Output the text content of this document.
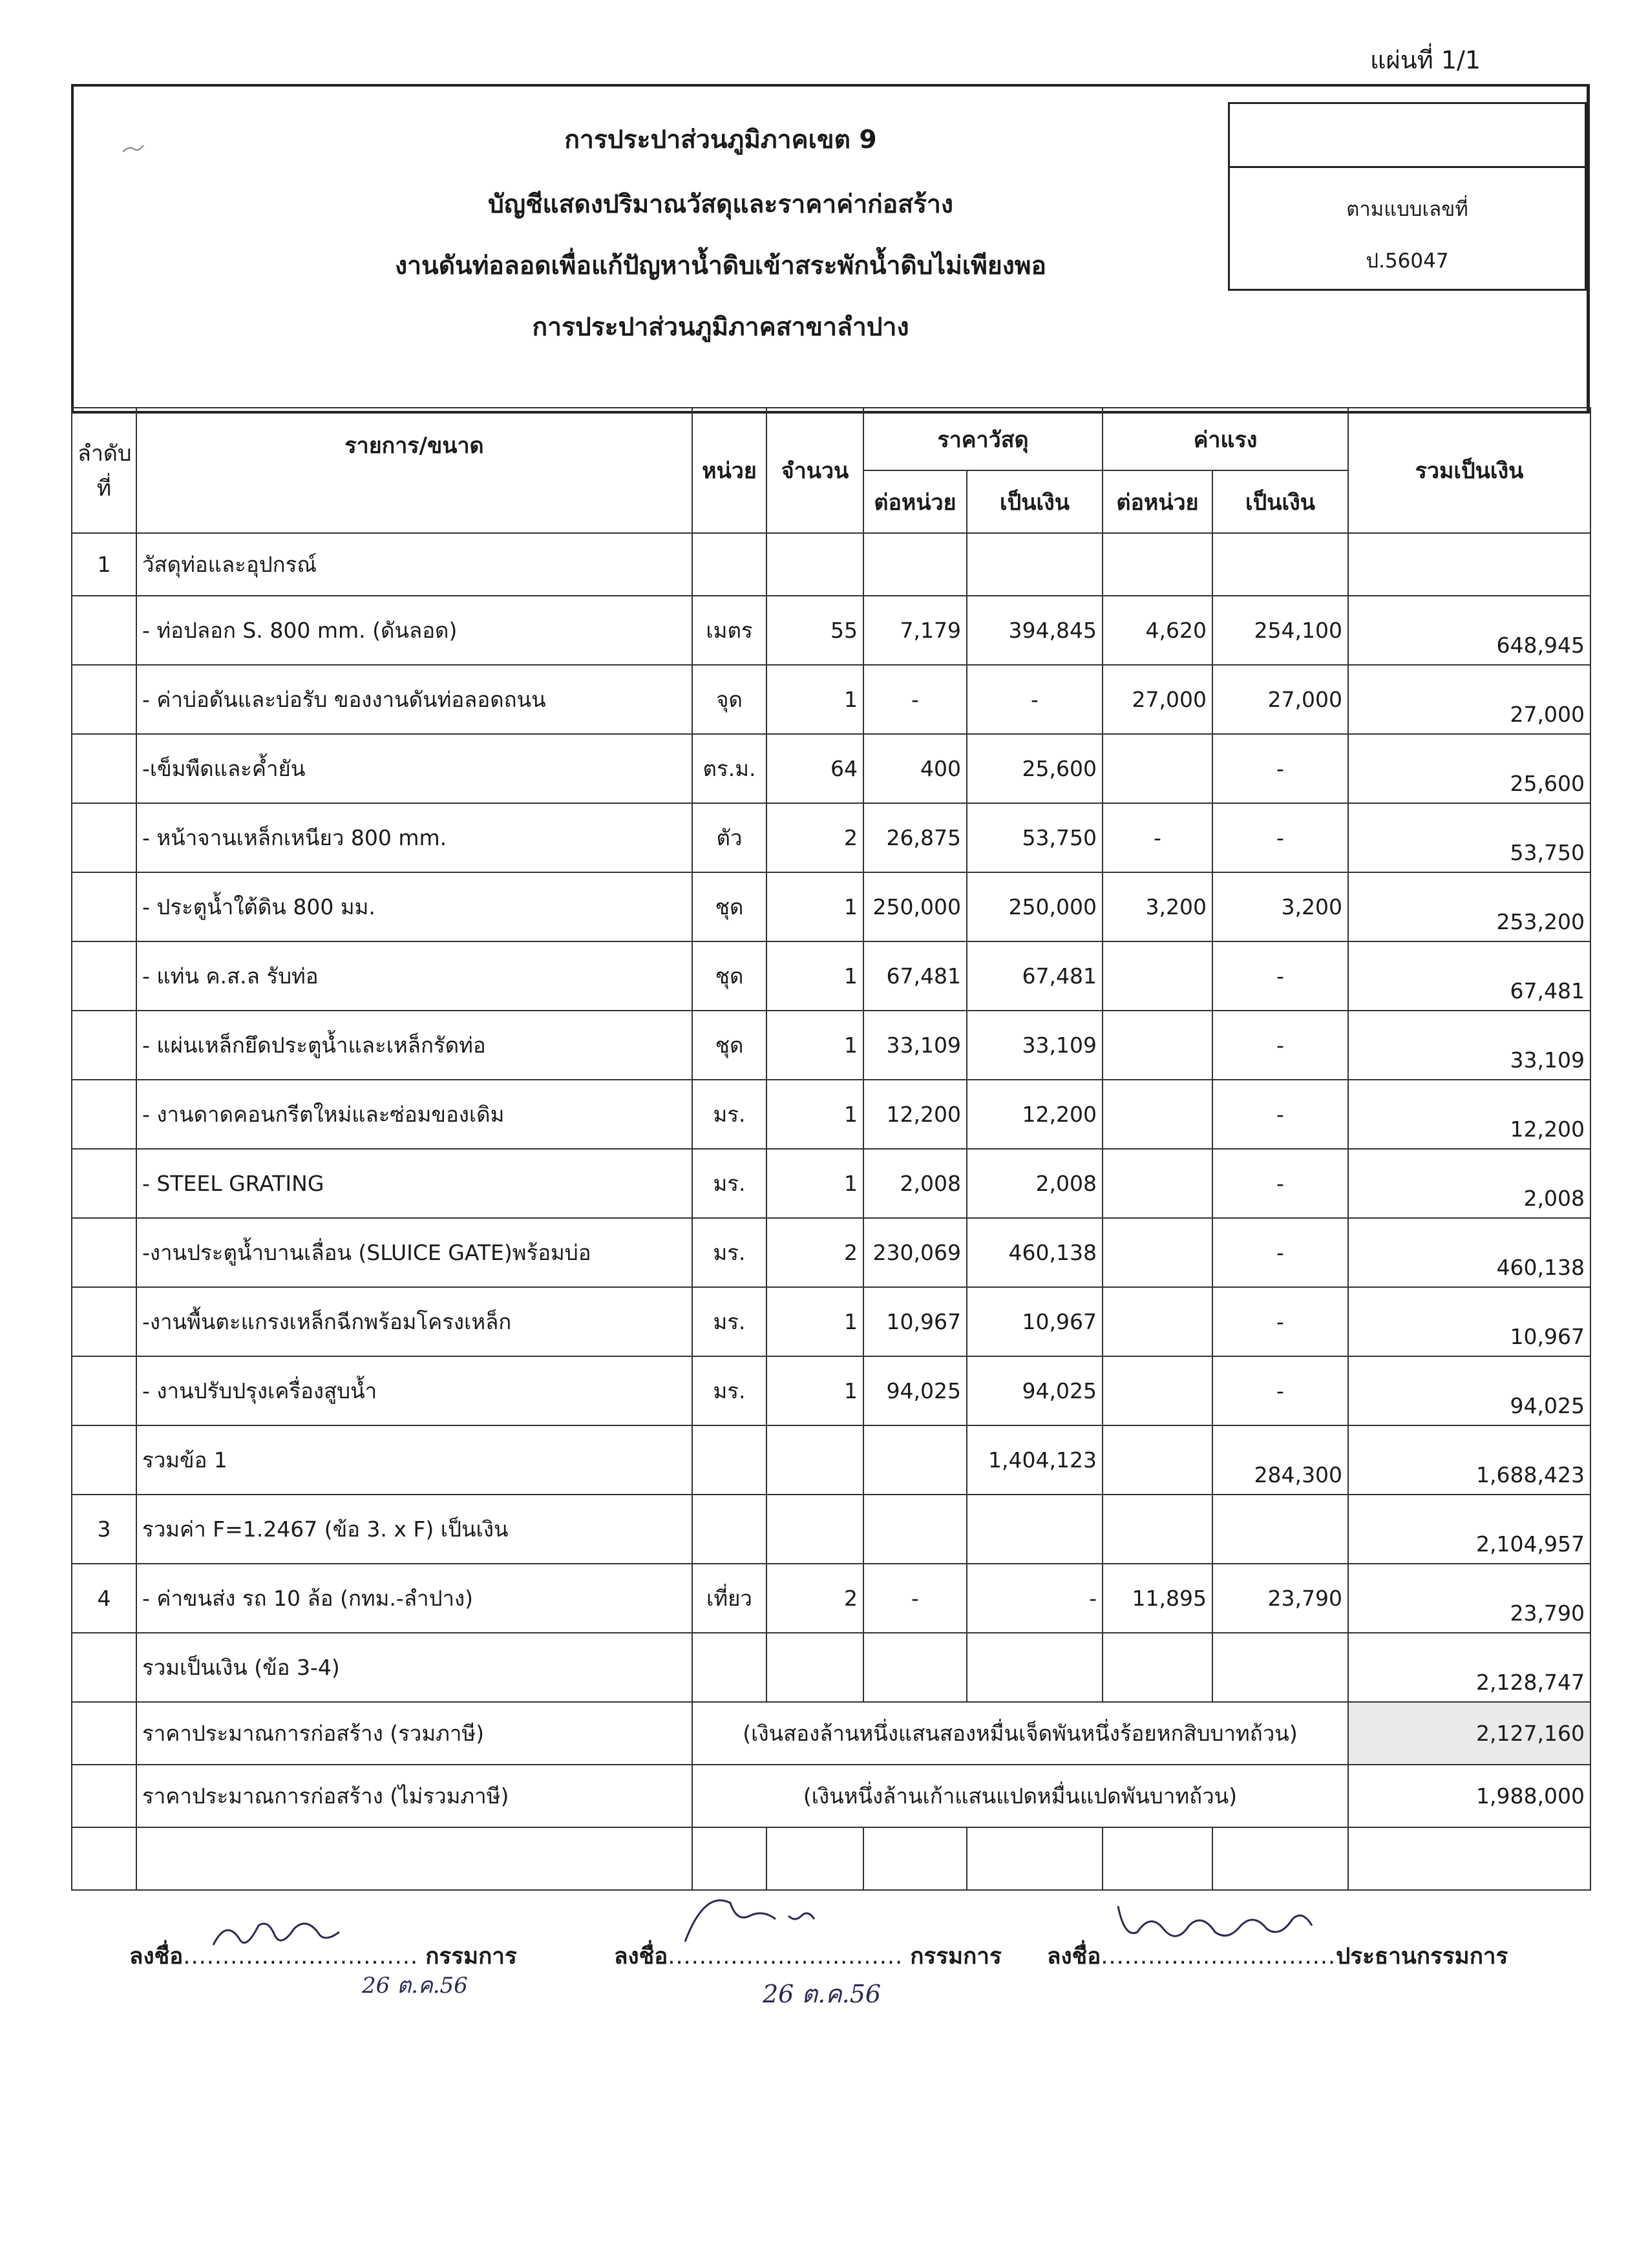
แผ่นที่ 1/1
การประปาส่วนภูมิภาคเขต 9
บัญชีแสดงปริมาณวัสดุและราคาค่าก่อสร้าง
งานดันท่อลอดเพื่อแก้ปัญหาน้ำดิบเข้าสระพักน้ำดิบไม่เพียงพอ
การประปาส่วนภูมิภาคสาขาลำปาง
ตามแบบเลขที่
ป.56047
ลำดับ ที่	รายการ/ขนาด	หน่วย	จำนวน	ราคาวัสดุ		ค่าแรง		รวมเป็นเงิน
				ต่อหน่วย	เป็นเงิน	ต่อหน่วย	เป็นเงิน	
1	วัสดุท่อและอุปกรณ์							
	- ท่อปลอก S. 800 mm. (ดันลอด)	เมตร	55	7,179	394,845	4,620	254,100	648,945
	- ค่าบ่อดันและบ่อรับ ของงานดันท่อลอดถนน	จุด	1	-	-	27,000	27,000	27,000
	-เข็มพืดและค้ำยัน	ตร.ม.	64	400	25,600		-	25,600
	- หน้าจานเหล็กเหนียว 800 mm.	ตัว	2	26,875	53,750	-	-	53,750
	- ประตูน้ำใต้ดิน 800 มม.	ชุด	1	250,000	250,000	3,200	3,200	253,200
	- แท่น ค.ส.ล รับท่อ	ชุด	1	67,481	67,481		-	67,481
	- แผ่นเหล็กยึดประตูน้ำและเหล็กรัดท่อ	ชุด	1	33,109	33,109		-	33,109
	- งานดาดคอนกรีตใหม่และซ่อมของเดิม	มร.	1	12,200	12,200		-	12,200
	- STEEL GRATING	มร.	1	2,008	2,008		-	2,008
	-งานประตูน้ำบานเลื่อน (SLUICE GATE)พร้อมบ่อ	มร.	2	230,069	460,138		-	460,138
	-งานพื้นตะแกรงเหล็กฉีกพร้อมโครงเหล็ก	มร.	1	10,967	10,967		-	10,967
	- งานปรับปรุงเครื่องสูบน้ำ	มร.	1	94,025	94,025		-	94,025
	รวมข้อ 1				1,404,123		284,300	1,688,423
3	รวมค่า F=1.2467 (ข้อ 3. x F) เป็นเงิน							2,104,957
4	- ค่าขนส่ง รถ 10 ล้อ (กทม.-ลำปาง)	เที่ยว	2	-	-	11,895	23,790	23,790
	รวมเป็นเงิน (ข้อ 3-4)							2,128,747
	ราคาประมาณการก่อสร้าง (รวมภาษี)	(เงินสองล้านหนึ่งแสนสองหมื่นเจ็ดพันหนึ่งร้อยหกสิบบาทถ้วน)						2,127,160
	ราคาประมาณการก่อสร้าง (ไม่รวมภาษี)	(เงินหนึ่งล้านเก้าแสนแปดหมื่นแปดพันบาทถ้วน)						1,988,000

ลงชื่อ.............................. กรรมการ
26 ต.ค.56
ลงชื่อ.............................. กรรมการ
26 ต.ค.56
ลงชื่อ..............................ประธานกรรมการ
